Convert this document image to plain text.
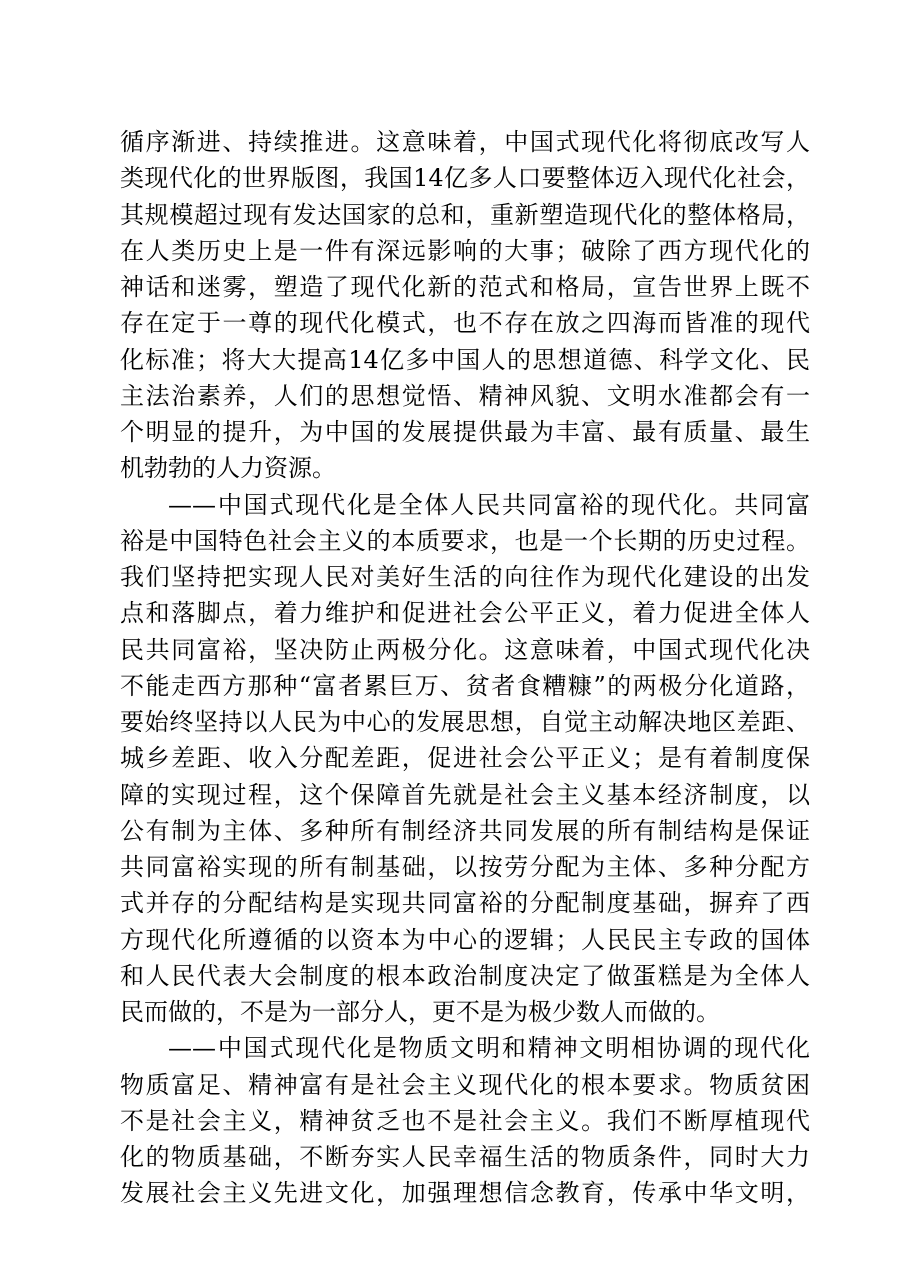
循序渐进、持续推进。这意味着，中国式现代化将彻底改写人
类现代化的世界版图，我国14亿多人口要整体迈入现代化社会，
其规模超过现有发达国家的总和，重新塑造现代化的整体格局，
在人类历史上是一件有深远影响的大事；破除了西方现代化的
神话和迷雾，塑造了现代化新的范式和格局，宣告世界上既不
存在定于一尊的现代化模式，也不存在放之四海而皆准的现代
化标准；将大大提高14亿多中国人的思想道德、科学文化、民
主法治素养，人们的思想觉悟、精神风貌、文明水准都会有一
个明显的提升，为中国的发展提供最为丰富、最有质量、最生
机勃勃的人力资源。
——中国式现代化是全体人民共同富裕的现代化。共同富
裕是中国特色社会主义的本质要求，也是一个长期的历史过程。
我们坚持把实现人民对美好生活的向往作为现代化建设的出发
点和落脚点，着力维护和促进社会公平正义，着力促进全体人
民共同富裕，坚决防止两极分化。这意味着，中国式现代化决
不能走西方那种“富者累巨万、贫者食糟糠”的两极分化道路，
要始终坚持以人民为中心的发展思想，自觉主动解决地区差距、
城乡差距、收入分配差距，促进社会公平正义；是有着制度保
障的实现过程，这个保障首先就是社会主义基本经济制度，以
公有制为主体、多种所有制经济共同发展的所有制结构是保证
共同富裕实现的所有制基础，以按劳分配为主体、多种分配方
式并存的分配结构是实现共同富裕的分配制度基础，摒弃了西
方现代化所遵循的以资本为中心的逻辑；人民民主专政的国体
和人民代表大会制度的根本政治制度决定了做蛋糕是为全体人
民而做的，不是为一部分人，更不是为极少数人而做的。
——中国式现代化是物质文明和精神文明相协调的现代化
物质富足、精神富有是社会主义现代化的根本要求。物质贫困
不是社会主义，精神贫乏也不是社会主义。我们不断厚植现代
化的物质基础，不断夯实人民幸福生活的物质条件，同时大力
发展社会主义先进文化，加强理想信念教育，传承中华文明，
